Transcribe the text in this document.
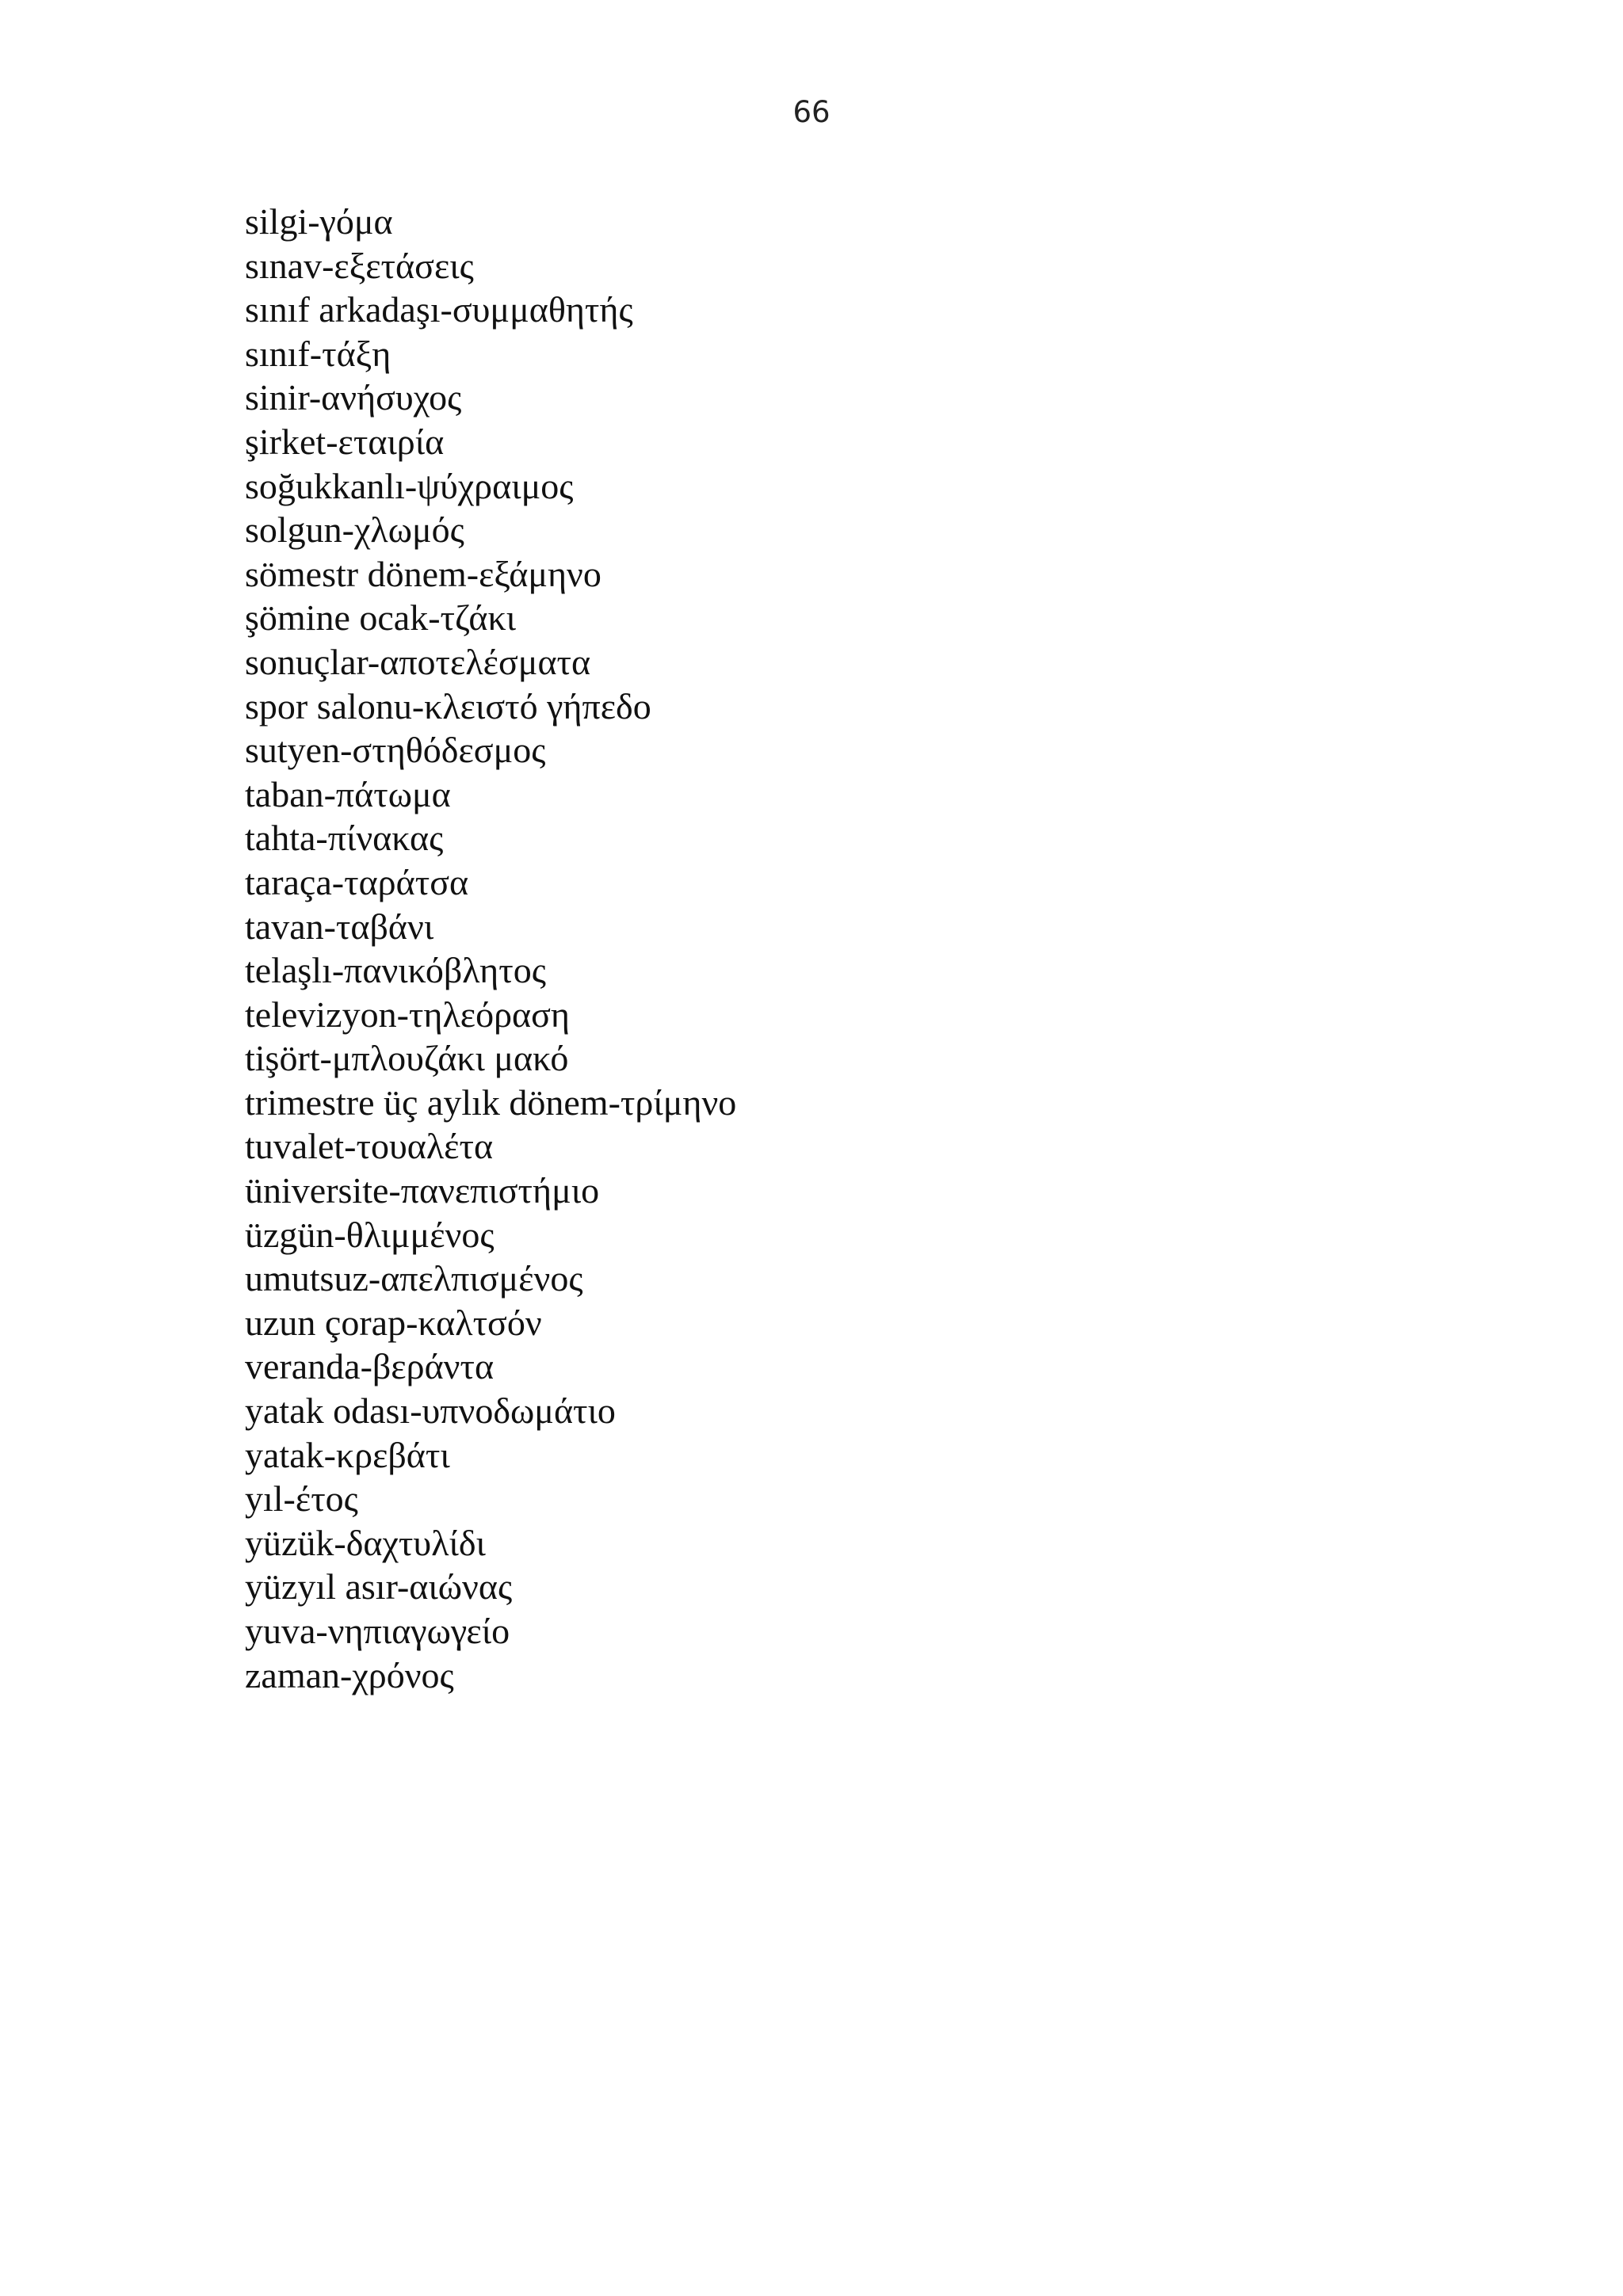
66
silgi-γόμα
sınav-εξετάσεις
sınıf arkadaşı-συμμαθητής
sınıf-τάξη
sinir-ανήσυχος
şirket-εταιρία
soğukkanlı-ψύχραιμος
solgun-χλωμός
sömestr dönem-εξάμηνο
şömine ocak-τζάκι
sonuçlar-αποτελέσματα
spor salonu-κλειστό γήπεδο
sutyen-στηθόδεσμος
taban-πάτωμα
tahta-πίνακας
taraça-ταράτσα
tavan-ταβάνι
telaşlı-πανικόβλητος
televizyon-τηλεόραση
tişört-μπλουζάκι μακό
trimestre üç aylık dönem-τρίμηνο
tuvalet-τουαλέτα
üniversite-πανεπιστήμιο
üzgün-θλιμμένος
umutsuz-απελπισμένος
uzun çorap-καλτσόν
veranda-βεράντα
yatak odası-υπνοδωμάτιο
yatak-κρεβάτι
yıl-έτος
yüzük-δαχτυλίδι
yüzyıl asır-αιώνας
yuva-νηπιαγωγείο
zaman-χρόνος
